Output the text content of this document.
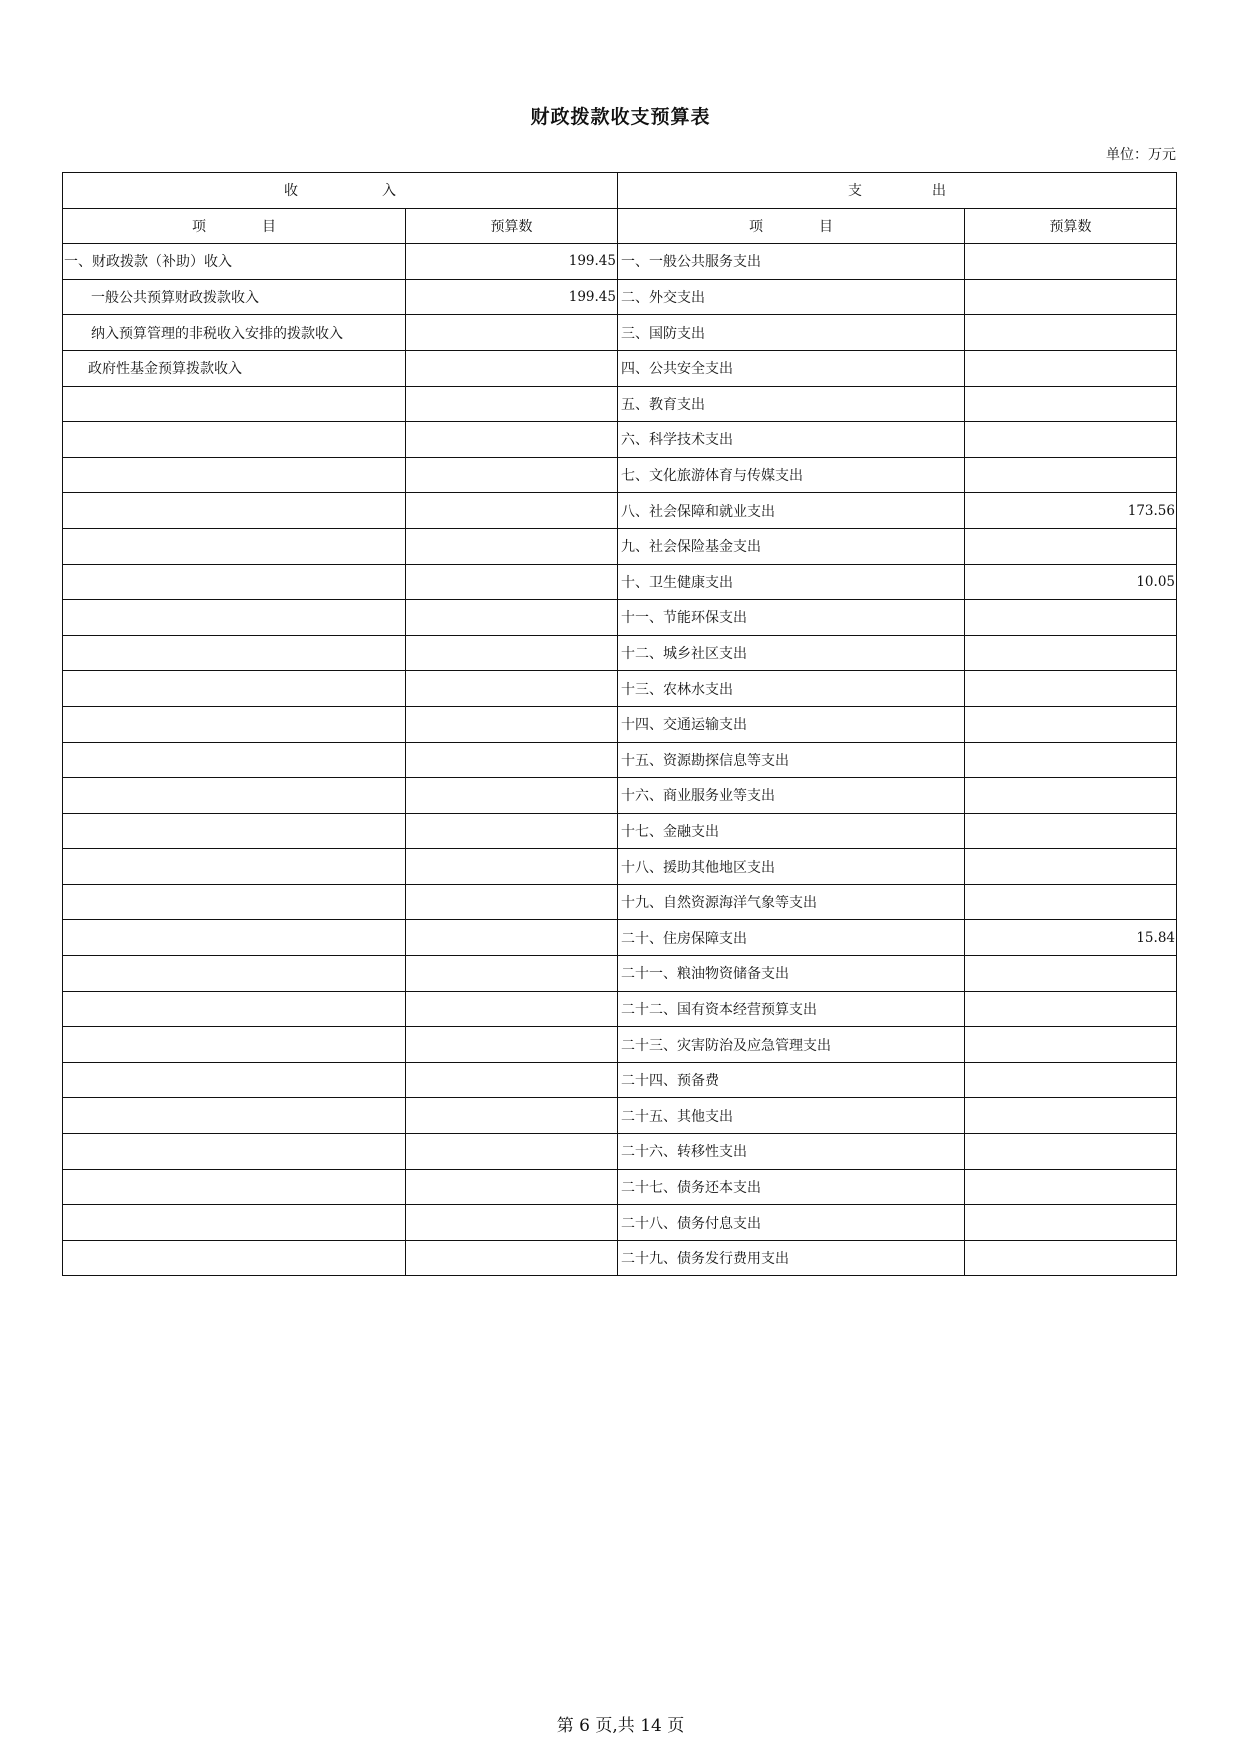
财政拨款收支预算表
单位：万元
收　　　　　　入		支　　　　　出	
项　　　　目	预算数	项　　　　目	预算数
一、财政拨款（补助）收入	199.45	一、一般公共服务支出	
一般公共预算财政拨款收入	199.45	二、外交支出	
纳入预算管理的非税收入安排的拨款收入		三、国防支出	
政府性基金预算拨款收入		四、公共安全支出	
		五、教育支出	
		六、科学技术支出	
		七、文化旅游体育与传媒支出	
		八、社会保障和就业支出	173.56
		九、社会保险基金支出	
		十、卫生健康支出	10.05
		十一、节能环保支出	
		十二、城乡社区支出	
		十三、农林水支出	
		十四、交通运输支出	
		十五、资源勘探信息等支出	
		十六、商业服务业等支出	
		十七、金融支出	
		十八、援助其他地区支出	
		十九、自然资源海洋气象等支出	
		二十、住房保障支出	15.84
		二十一、粮油物资储备支出	
		二十二、国有资本经营预算支出	
		二十三、灾害防治及应急管理支出	
		二十四、预备费	
		二十五、其他支出	
		二十六、转移性支出	
		二十七、债务还本支出	
		二十八、债务付息支出	
		二十九、债务发行费用支出	
第 6 页,共 14 页
